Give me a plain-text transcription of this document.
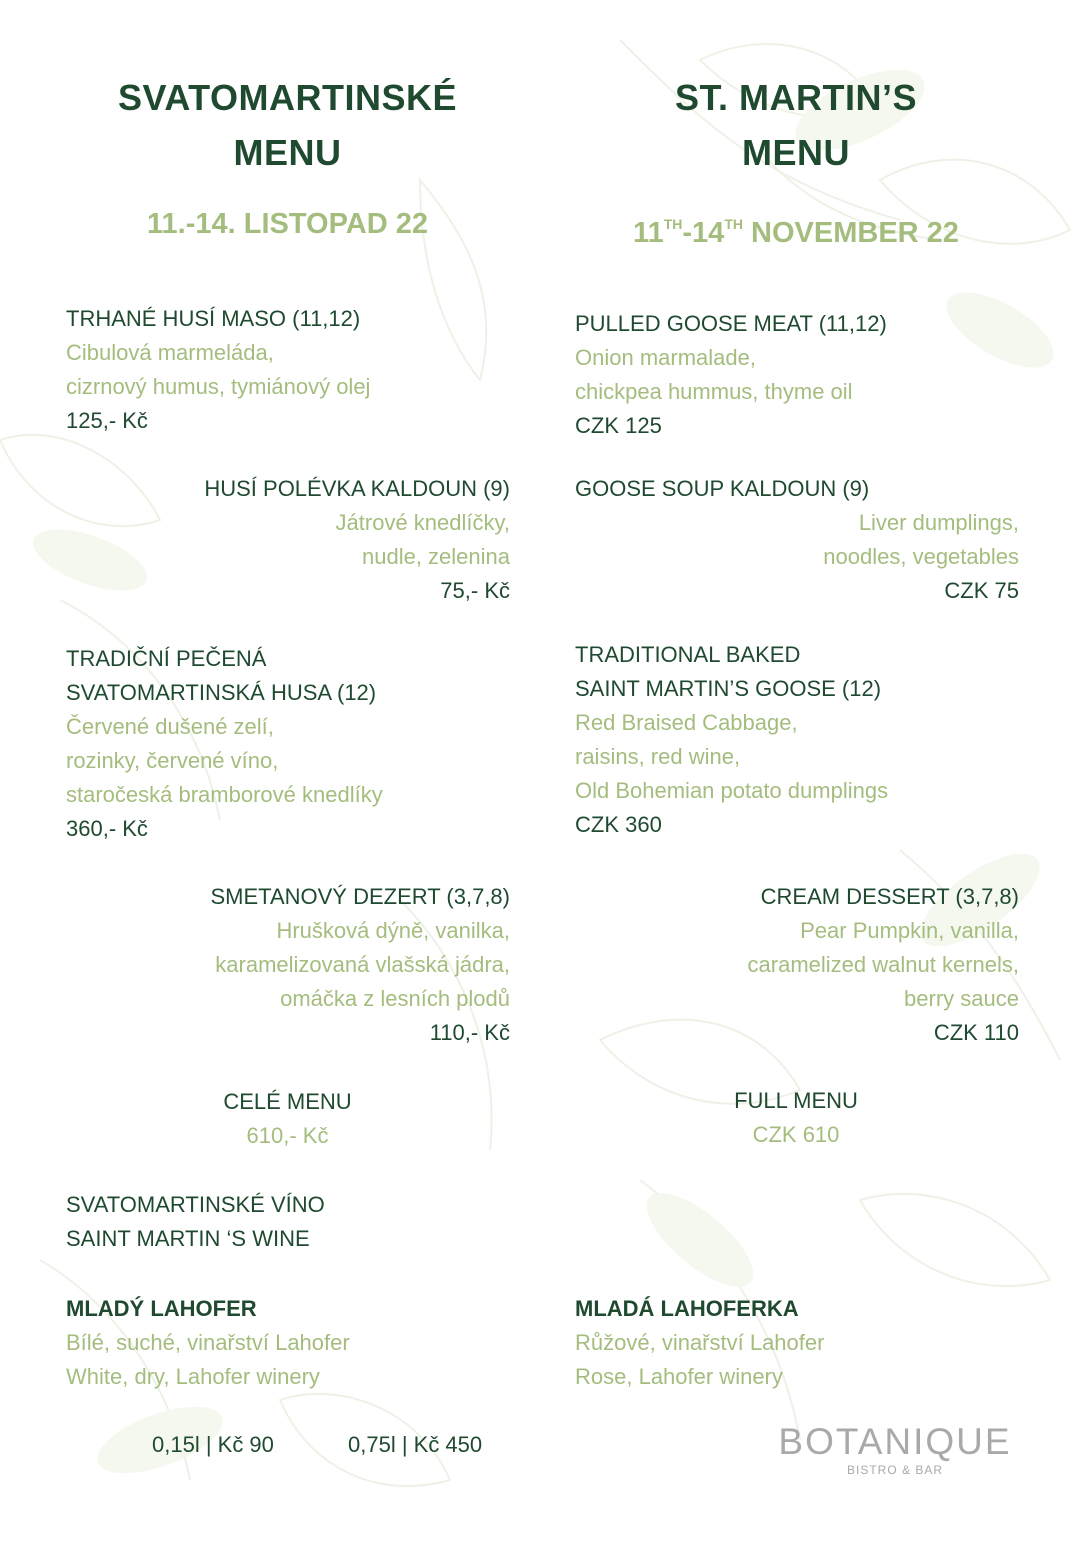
SVATOMARTINSKÉ
MENU
11.-14. LISTOPAD 22
TRHANÉ HUSÍ MASO (11,12)
Cibulová marmeláda,
cizrnový humus, tymiánový olej
125,- Kč
HUSÍ POLÉVKA KALDOUN (9)
Játrové knedlíčky,
nudle, zelenina
75,- Kč
TRADIČNÍ PEČENÁ
SVATOMARTINSKÁ HUSA (12)
Červené dušené zelí,
rozinky, červené víno,
staročeská bramborové knedlíky
360,- Kč
SMETANOVÝ DEZERT (3,7,8)
Hrušková dýně, vanilka,
karamelizovaná vlašská jádra,
omáčka z lesních plodů
110,- Kč
CELÉ MENU
610,- Kč
SVATOMARTINSKÉ VÍNO
SAINT MARTIN ‘S WINE
MLADÝ LAHOFER
Bílé, suché, vinařství Lahofer
White, dry, Lahofer winery
0,15l | Kč 90	0,75l | Kč 450
ST. MARTIN’S
MENU
11TH-14TH NOVEMBER 22
PULLED GOOSE MEAT (11,12)
Onion marmalade,
chickpea hummus, thyme oil
CZK 125
GOOSE SOUP KALDOUN (9)
Liver dumplings,
noodles, vegetables
CZK 75
TRADITIONAL BAKED
SAINT MARTIN’S GOOSE (12)
Red Braised Cabbage,
raisins, red wine,
Old Bohemian potato dumplings
CZK 360
CREAM DESSERT (3,7,8)
Pear Pumpkin, vanilla,
caramelized walnut kernels,
berry sauce
CZK 110
FULL MENU
CZK 610
MLADÁ LAHOFERKA
Růžové, vinařství Lahofer
Rose, Lahofer winery
BOTANIQUE
BISTRO & BAR
